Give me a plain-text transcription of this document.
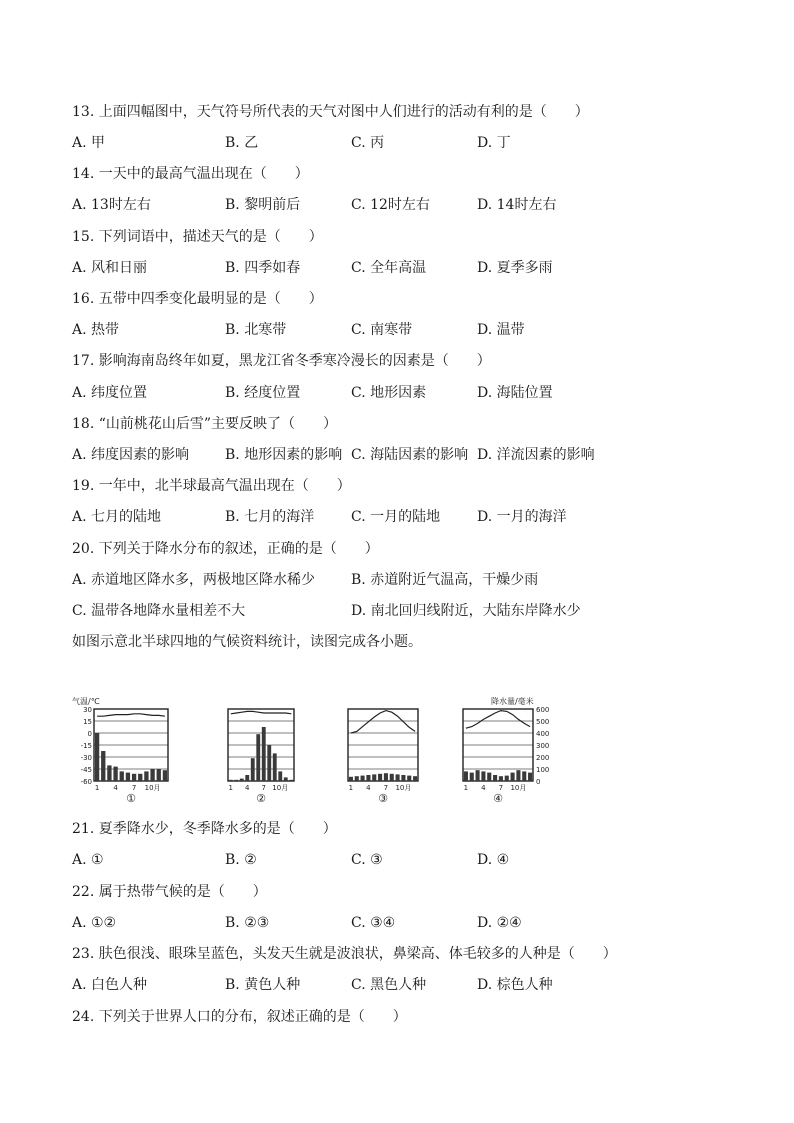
13. 上面四幅图中，天气符号所代表的天气对图中人们进行的活动有利的是（　　）
A. 甲	B. 乙	C. 丙	D. 丁
14. 一天中的最高气温出现在（　　）
A. 13时左右	B. 黎明前后	C. 12时左右	D. 14时左右
15. 下列词语中，描述天气的是（　　）
A. 风和日丽	B. 四季如春	C. 全年高温	D. 夏季多雨
16. 五带中四季变化最明显的是（　　）
A. 热带	B. 北寒带	C. 南寒带	D. 温带
17. 影响海南岛终年如夏，黑龙江省冬季寒冷漫长的因素是（　　）
A. 纬度位置	B. 经度位置	C. 地形因素	D. 海陆位置
18. “山前桃花山后雪”主要反映了（　　）
A. 纬度因素的影响	B. 地形因素的影响 C. 海陆因素的影响 D. 洋流因素的影响
19. 一年中，北半球最高气温出现在（　　）
A. 七月的陆地	B. 七月的海洋	C. 一月的陆地	D. 一月的海洋
20. 下列关于降水分布的叙述，正确的是（　　）
A. 赤道地区降水多，两极地区降水稀少	B. 赤道附近气温高，干燥少雨
C. 温带各地降水量相差不大	D. 南北回归线附近，大陆东岸降水少
如图示意北半球四地的气候资料统计，读图完成各小题。
气温/℃
30
15
0
-15
-30
-45
-60
1 4 7 10月
①
1 4 7 10月
②
1 4 7 10月
③
降水量/毫米
600
500
400
300
200
100
0
1 4 7 10月
④
21. 夏季降水少，冬季降水多的是（　　）
A. ①	B. ②	C. ③	D. ④
22. 属于热带气候的是（　　）
A. ①②	B. ②③	C. ③④	D. ②④
23. 肤色很浅、眼珠呈蓝色，头发天生就是波浪状，鼻梁高、体毛较多的人种是（　　）
A. 白色人种	B. 黄色人种	C. 黑色人种	D. 棕色人种
24. 下列关于世界人口的分布，叙述正确的是（　　）
